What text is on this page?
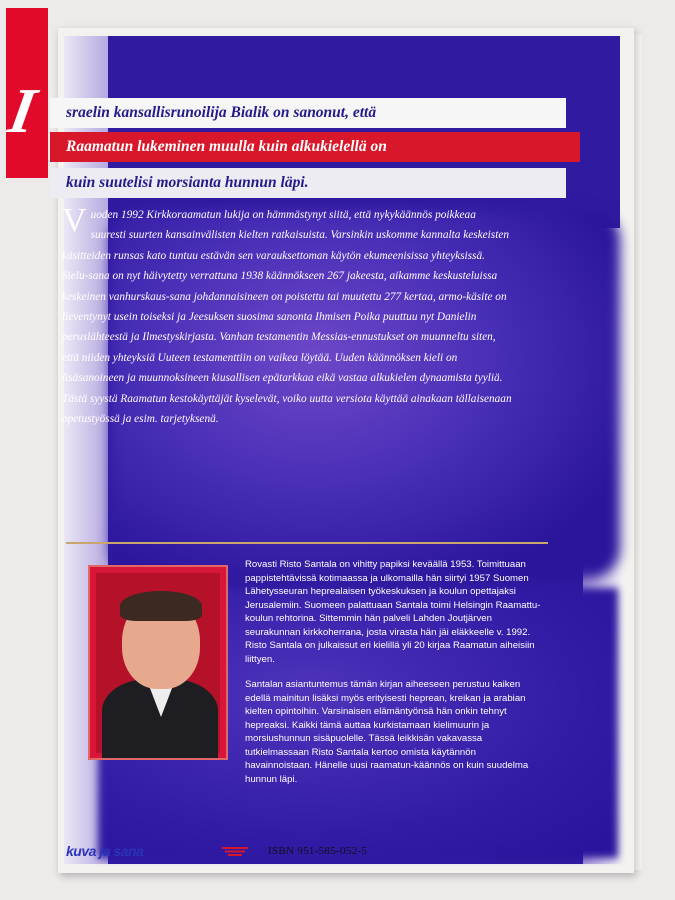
I	sraelin kansallisrunoilija Bialik on sanonut, että
Raamatun lukeminen muulla kuin alkukielellä on
kuin suutelisi morsianta hunnun läpi.
V uoden 1992 Kirkkoraamatun lukija on hämmästynyt siitä, että nykykäännös poikkeaa suuresti suurten kansainvälisten kielten ratkaisuista. Varsinkin uskomme kannalta keskeisten käsitteiden runsas kato tuntuu estävän sen varauksettoman käytön ekumeenisissa yhteyksissä. Sielu-sana on nyt häivytetty verrattuna 1938 käännökseen 267 jakeesta, aikamme keskusteluissa keskeinen vanhurskaus-sana johdannaisineen on poistettu tai muutettu 277 kertaa, armo-käsite on lieventynyt usein toiseksi ja Jeesuksen suosima sanonta Ihmisen Poika puuttuu nyt Danielin peruslähteestä ja Ilmestyskirjasta. Vanhan testamentin Messias-ennustukset on muunneltu siten, että niiden yhteyksiä Uuteen testamenttiin on vaikea löytää. Uuden käännöksen kieli on lisäsanoineen ja muunnoksineen kiusallisen epätarkkaa eikä vastaa alkukielen dynaamista tyyliä. Tästä syystä Raamatun kestokäyttäjät kyselevät, voiko uutta versiota käyttää ainakaan tällaisenaan opetustyössä ja esim. tarjetyksenä.

Rovasti Risto Santala on vihitty papiksi keväällä 1953. Toimittuaan pappistehtävissä kotimaassa ja ulkomailla hän siirtyi 1957 Suomen Lähetysseuran heprealaisen työkeskuksen ja koulun opettajaksi Jerusalemiin. Suomeen palattuaan Santala toimi Helsingin Raamattu-koulun rehtorina. Sittemmin hän palveli Lahden Joutjärven seurakunnan kirkkoherrana, josta virasta hän jäi eläkkeelle v. 1992. Risto Santala on julkaissut eri kielillä yli 20 kirjaa Raamatun aiheisiin liittyen.

Santalan asiantuntemus tämän kirjan aiheeseen perustuu kaiken edellä mainitun lisäksi myös erityisesti heprean, kreikan ja arabian kielten opintoihin. Varsinaisen elämäntyönsä hän onkin tehnyt hepreaksi. Kaikki tämä auttaa kurkistamaan kielimuurin ja morsiushunnun sisäpuolelle. Tässä leikkisän vakavassa tutkielmassaan Risto Santala kertoo omista käytännön havainnoistaan. Hänelle uusi raamatun-käännös on kuin suudelma hunnun läpi.

kuva ja sana	ISBN 951-585-052-5
